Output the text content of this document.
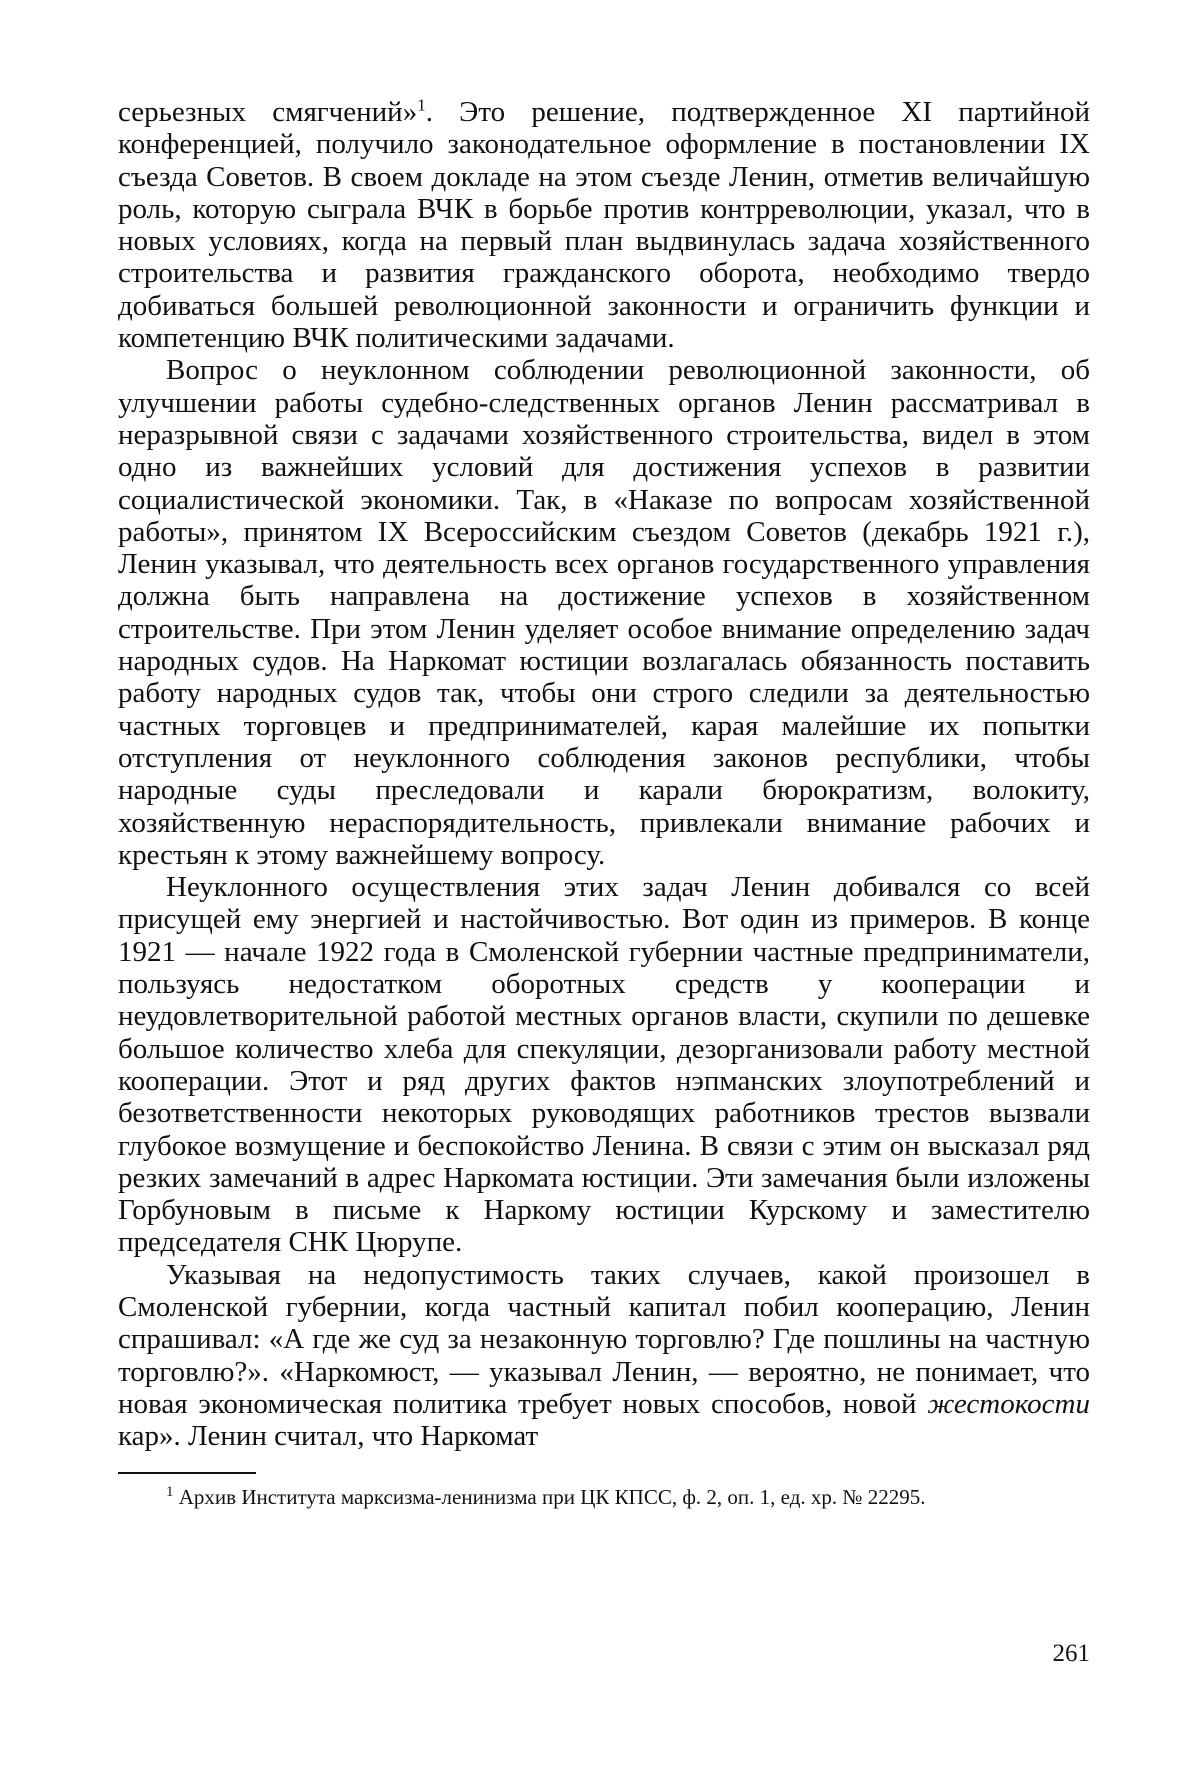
серьезных смягчений»$^1$. Это решение, подтвержденное XI партийной конференцией, получило законодательное оформление в постановлении IX съезда Советов. В своем докладе на этом съезде Ленин, отметив величайшую роль, которую сыграла ВЧК в борьбе против контрреволюции, указал, что в новых условиях, когда на первый план выдвинулась задача хозяйственного строительства и развития гражданского оборота, необходимо твердо добиваться большей революционной законности и ограничить функции и компетенцию ВЧК политическими задачами.

Вопрос о неуклонном соблюдении революционной законности, об улучшении работы судебно-следственных органов Ленин рассматривал в неразрывной связи с задачами хозяйственного строительства, видел в этом одно из важнейших условий для достижения успехов в развитии социалистической экономики. Так, в «Наказе по вопросам хозяйственной работы», принятом IX Всероссийским съездом Советов (декабрь 1921 г.), Ленин указывал, что деятельность всех органов государственного управления должна быть направлена на достижение успехов в хозяйственном строительстве. При этом Ленин уделяет особое внимание определению задач народных судов. На Наркомат юстиции возлагалась обязанность поставить работу народных судов так, чтобы они строго следили за деятельностью частных торговцев и предпринимателей, карая малейшие их попытки отступления от неуклонного соблюдения законов республики, чтобы народные суды преследовали и карали бюрократизм, волокиту, хозяйственную нераспорядительность, привлекали внимание рабочих и крестьян к этому важнейшему вопросу.

Неуклонного осуществления этих задач Ленин добивался со всей присущей ему энергией и настойчивостью. Вот один из примеров. В конце 1921 — начале 1922 года в Смоленской губернии частные предприниматели, пользуясь недостатком оборотных средств у кооперации и неудовлетворительной работой местных органов власти, скупили по дешевке большое количество хлеба для спекуляции, дезорганизовали работу местной кооперации. Этот и ряд других фактов нэпманских злоупотреблений и безответственности некоторых руководящих работников трестов вызвали глубокое возмущение и беспокойство Ленина. В связи с этим он высказал ряд резких замечаний в адрес Наркомата юстиции. Эти замечания были изложены Горбуновым в письме к Наркому юстиции Курскому и заместителю председателя СНК Цюрупе.

Указывая на недопустимость таких случаев, какой произошел в Смоленской губернии, когда частный капитал побил кооперацию, Ленин спрашивал: «А где же суд за незаконную торговлю? Где пошлины на частную торговлю?». «Наркомюст, — указывал Ленин, — вероятно, не понимает, что новая экономическая политика требует новых способов, новой жестокости кар». Ленин считал, что Наркомат

$^1$ Архив Института марксизма-ленинизма при ЦК КПСС, ф. 2, оп. 1, ед. хр. № 22295.

261
